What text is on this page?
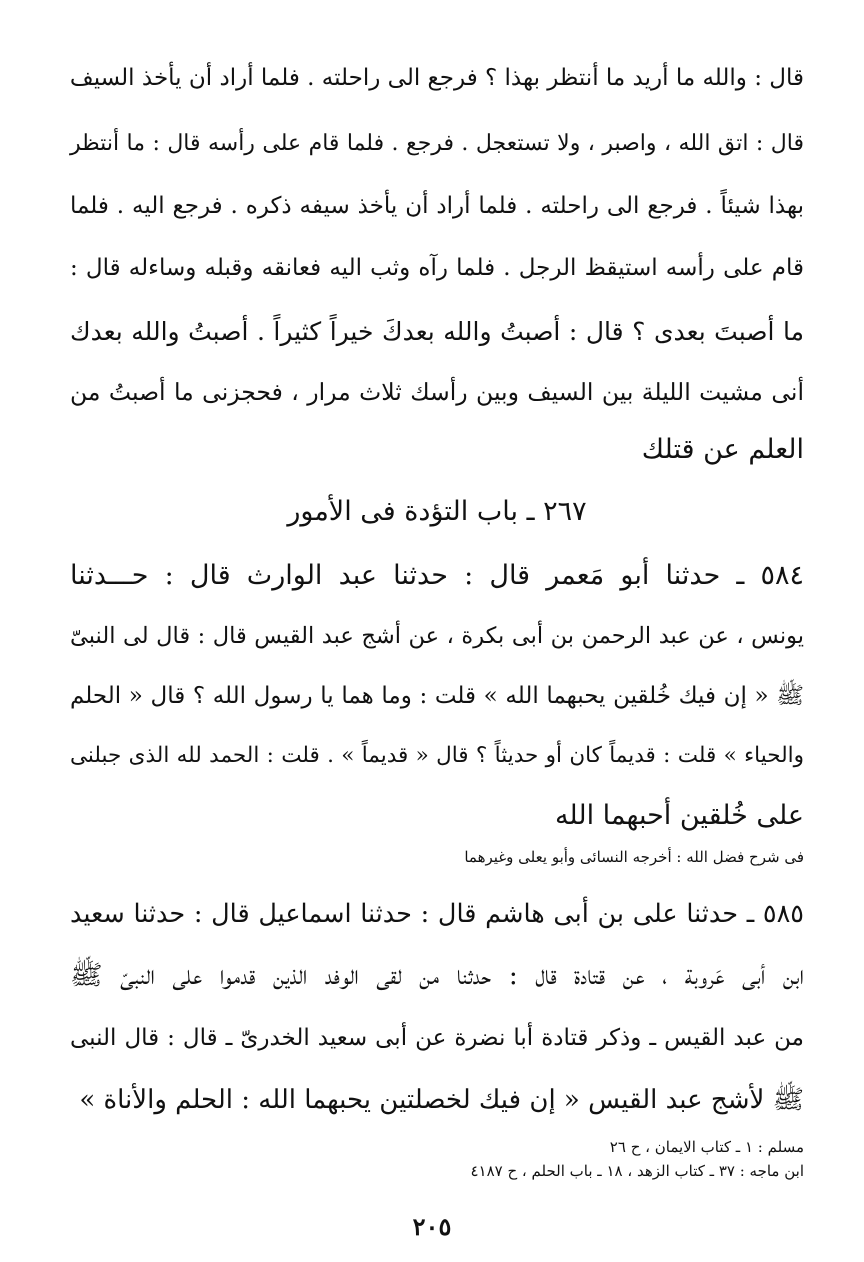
قال : والله ما أريد ما أنتظر بهذا ؟ فرجع الى راحلته . فلما أراد أن يأخذ السيف
قال : اتق الله ، واصبر ، ولا تستعجل . فرجع . فلما قام على رأسه قال : ما أنتظر
بهذا شيئاً . فرجع الى راحلته . فلما أراد أن يأخذ سيفه ذكره . فرجع اليه . فلما
قام على رأسه استيقظ الرجل . فلما رآه وثب اليه فعانقه وقبله وساءله قال :
ما أصبتَ بعدى ؟ قال : أصبتُ والله بعدكَ خيراً كثيراً . أصبتُ والله بعدك
أنى مشيت الليلة بين السيف وبين رأسك ثلاث مرار ، فحجزنى ما أصبتُ من
العلم عن قتلك
٢٦٧ ـ باب التؤدة فى الأمور
٥٨٤ ـ حدثنا أبو مَعمر قال : حدثنا عبد الوارث قال : حـــدثنا
يونس ، عن عبد الرحمن بن أبى بكرة ، عن أشج عبد القيس قال : قال لى النبىّ
ﷺ « إن فيك خُلقين يحبهما الله » قلت : وما هما يا رسول الله ؟ قال « الحلم
والحياء » قلت : قديماً كان أو حديثاً ؟ قال « قديماً » . قلت : الحمد لله الذى جبلنى
على خُلقين أحبهما الله
فى شرح فضل الله : أخرجه النسائى وأبو يعلى وغيرهما
٥٨٥ ـ حدثنا على بن أبى هاشم قال : حدثنا اسماعيل قال : حدثنا سعيد
ابن أبى عَروبة ، عن قتادة قال : حدثنا من لقى الوفد الذين قدموا على النبىّ ﷺ
من عبد القيس ـ وذكر قتادة أبا نضرة عن أبى سعيد الخدرىّ ـ قال : قال النبى
ﷺ لأشج عبد القيس « إن فيك لخصلتين يحبهما الله : الحلم والأناة »
مسلم : ١ ـ كتاب الايمان ، ح ٢٦
ابن ماجه : ٣٧ ـ كتاب الزهد ، ١٨ ـ باب الحلم ، ح ٤١٨٧
٢٠٥
